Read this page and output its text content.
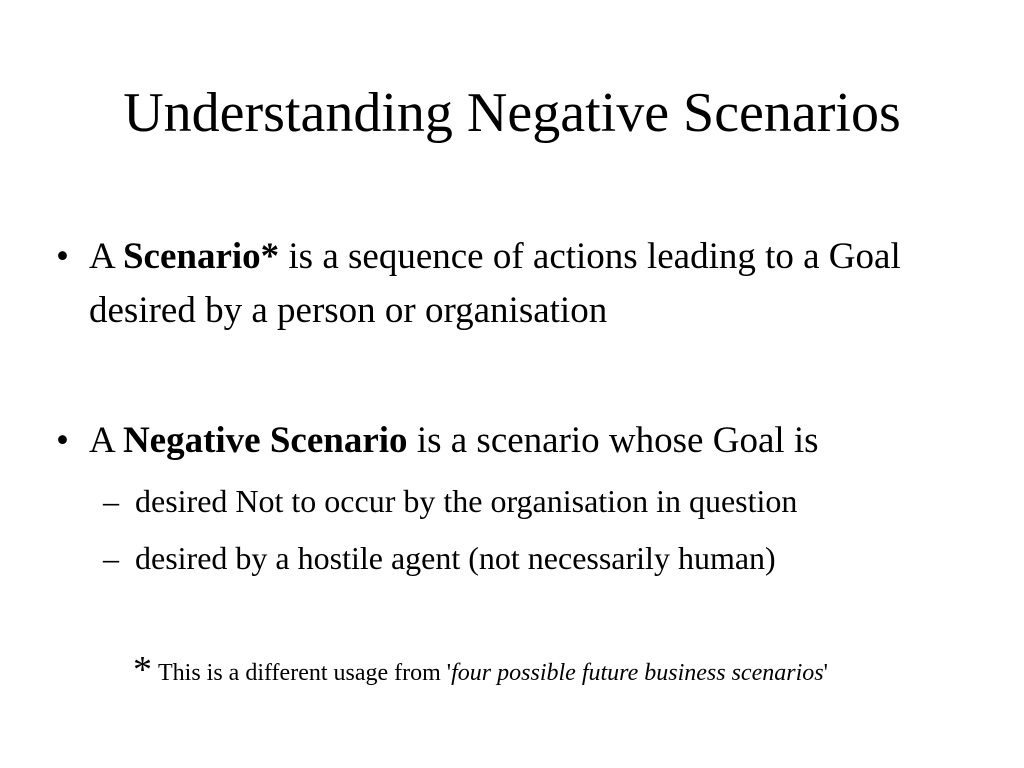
Understanding Negative Scenarios
• A Scenario* is a sequence of actions leading to a Goal desired by a person or organisation
• A Negative Scenario is a scenario whose Goal is
– desired Not to occur by the organisation in question
– desired by a hostile agent (not necessarily human)
* This is a different usage from 'four possible future business scenarios'
